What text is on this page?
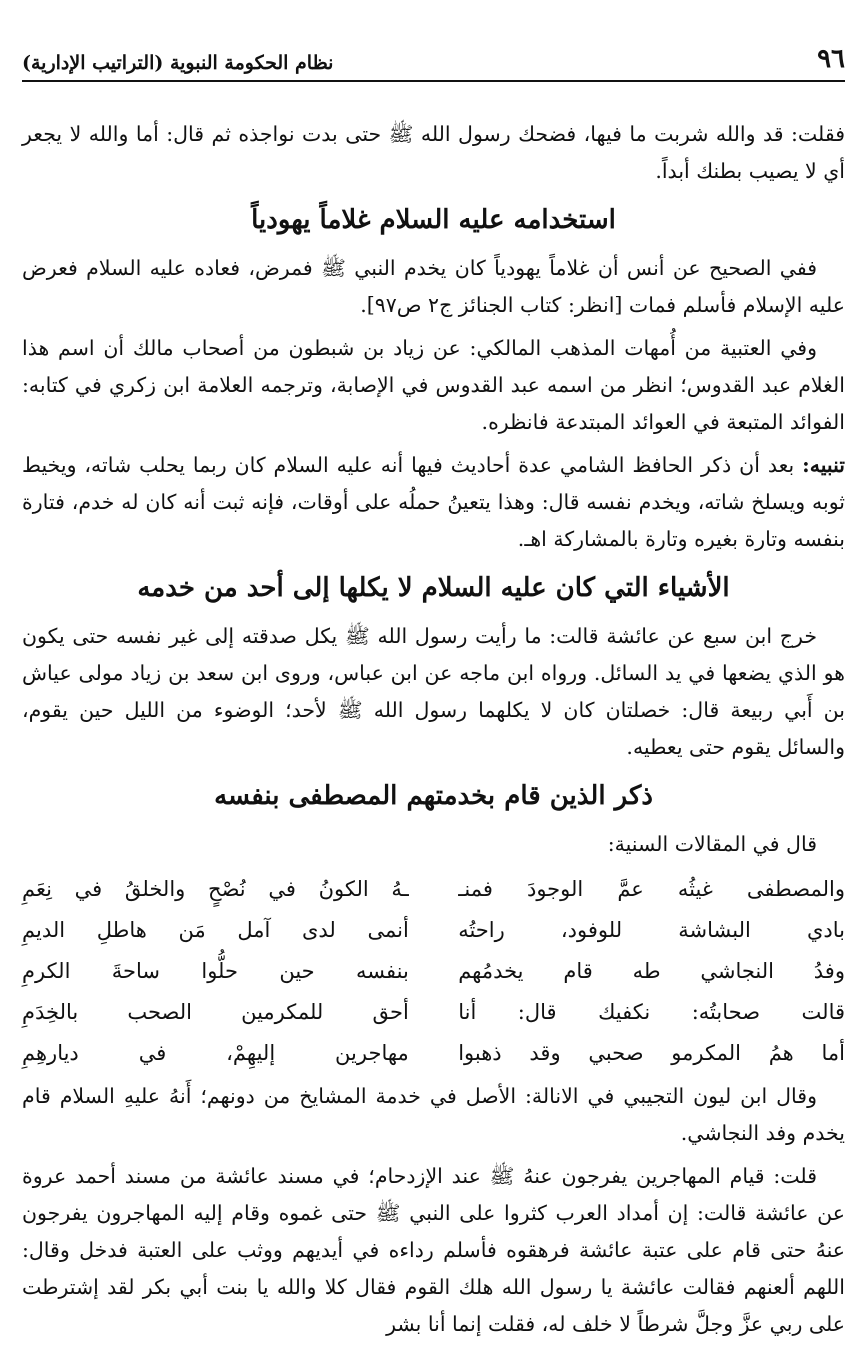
٩٦
نظام الحكومة النبوية (التراتيب الإدارية)

فقلت: قد والله شربت ما فيها، فضحك رسول الله ﷺ حتى بدت نواجذه ثم قال: أما والله لا يجعر أي لا يصيب بطنك أبداً.

استخدامه عليه السلام غلاماً يهودياً

ففي الصحيح عن أنس أن غلاماً يهودياً كان يخدم النبي ﷺ فمرض، فعاده عليه السلام فعرض عليه الإسلام فأسلم فمات [انظر: كتاب الجنائز ج٢ ص٩٧].

وفي العتبية من أُمهات المذهب المالكي: عن زياد بن شبطون من أصحاب مالك أن اسم هذا الغلام عبد القدوس؛ انظر من اسمه عبد القدوس في الإصابة، وترجمه العلامة ابن زكري في كتابه: الفوائد المتبعة في العوائد المبتدعة فانظره.

تنبيه: بعد أن ذكر الحافظ الشامي عدة أحاديث فيها أنه عليه السلام كان ربما يحلب شاته، ويخيط ثوبه ويسلخ شاته، ويخدم نفسه قال: وهذا يتعينُ حملُه على أوقات، فإنه ثبت أنه كان له خدم، فتارة بنفسه وتارة بغيره وتارة بالمشاركة اهـ.

الأشياء التي كان عليه السلام لا يكلها إلى أحد من خدمه

خرج ابن سبع عن عائشة قالت: ما رأيت رسول الله ﷺ يكل صدقته إلى غير نفسه حتى يكون هو الذي يضعها في يد السائل. ورواه ابن ماجه عن ابن عباس، وروى ابن سعد بن زياد مولى عياش بن أَبي ربيعة قال: خصلتان كان لا يكلهما رسول الله ﷺ لأحد؛ الوضوء من الليل حين يقوم، والسائل يقوم حتى يعطيه.

ذكر الذين قام بخدمتهم المصطفى بنفسه

قال في المقالات السنية:

والمصطفى غيثُه عمَّ الوجودَ فمنـ
ـهُ الكونُ في نُصْحٍ والخلقُ في نِعَمِ
بادي البشاشة للوفود، راحتُه
أنمى لدى آمل مَن هاطلِ الديمِ
وفدُ النجاشي طه قام يخدمُهم
بنفسه حين حلُّوا ساحةَ الكرمِ
قالت صحابتُه: نكفيك قال: أنا
أحق للمكرمين الصحب بالخِدَمِ
أما همُ المكرمو صحبي وقد ذهبوا
مهاجرين إليهِمْ، في ديارهِمِ

وقال ابن ليون التجيبي في الانالة: الأصل في خدمة المشايخ من دونهم؛ أَنهُ عليهِ السلام قام يخدم وفد النجاشي.

قلت: قيام المهاجرين يفرجون عنهُ ﷺ عند الإزدحام؛ في مسند عائشة من مسند أحمد عروة عن عائشة قالت: إن أمداد العرب كثروا على النبي ﷺ حتى غموه وقام إليه المهاجرون يفرجون عنهُ حتى قام على عتبة عائشة فرهقوه فأسلم رداءه في أيديهم ووثب على العتبة فدخل وقال: اللهم ألعنهم فقالت عائشة يا رسول الله هلك القوم فقال كلا والله يا بنت أبي بكر لقد إشترطت على ربي عزَّ وجلَّ شرطاً لا خلف له، فقلت إنما أنا بشر
